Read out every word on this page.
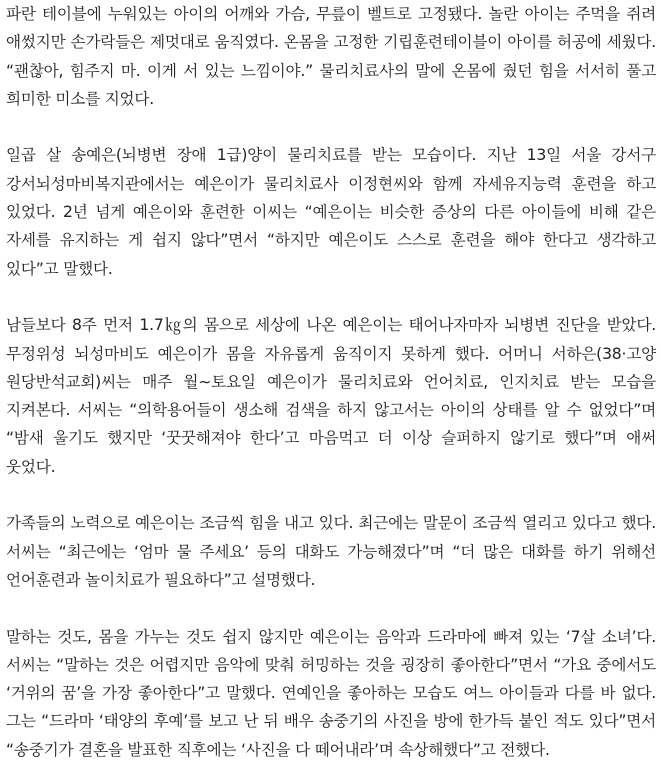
파란 테이블에 누워있는 아이의 어깨와 가슴, 무릎이 벨트로 고정됐다. 놀란 아이는 주먹을 쥐려 애썼지만 손가락들은 제멋대로 움직였다. 온몸을 고정한 기립훈련테이블이 아이를 허공에 세웠다. “괜찮아, 힘주지 마. 이게 서 있는 느낌이야.” 물리치료사의 말에 온몸에 줬던 힘을 서서히 풀고 희미한 미소를 지었다.

일곱 살 송예은(뇌병변 장애 1급)양이 물리치료를 받는 모습이다. 지난 13일 서울 강서구 강서뇌성마비복지관에서는 예은이가 물리치료사 이정현씨와 함께 자세유지능력 훈련을 하고 있었다. 2년 넘게 예은이와 훈련한 이씨는 “예은이는 비슷한 증상의 다른 아이들에 비해 같은 자세를 유지하는 게 쉽지 않다”면서 “하지만 예은이도 스스로 훈련을 해야 한다고 생각하고 있다”고 말했다.

남들보다 8주 먼저 1.7㎏의 몸으로 세상에 나온 예은이는 태어나자마자 뇌병변 진단을 받았다. 무정위성 뇌성마비도 예은이가 몸을 자유롭게 움직이지 못하게 했다. 어머니 서하은(38·고양 원당반석교회)씨는 매주 월∼토요일 예은이가 물리치료와 언어치료, 인지치료 받는 모습을 지켜본다. 서씨는 “의학용어들이 생소해 검색을 하지 않고서는 아이의 상태를 알 수 없었다”며 “밤새 울기도 했지만 ‘꿋꿋해져야 한다’고 마음먹고 더 이상 슬퍼하지 않기로 했다”며 애써 웃었다.

가족들의 노력으로 예은이는 조금씩 힘을 내고 있다. 최근에는 말문이 조금씩 열리고 있다고 했다. 서씨는 “최근에는 ‘엄마 물 주세요’ 등의 대화도 가능해졌다”며 “더 많은 대화를 하기 위해선 언어훈련과 놀이치료가 필요하다”고 설명했다.

말하는 것도, 몸을 가누는 것도 쉽지 않지만 예은이는 음악과 드라마에 빠져 있는 ‘7살 소녀’다. 서씨는 “말하는 것은 어렵지만 음악에 맞춰 허밍하는 것을 굉장히 좋아한다”면서 “가요 중에서도 ‘거위의 꿈’을 가장 좋아한다”고 말했다. 연예인을 좋아하는 모습도 여느 아이들과 다를 바 없다. 그는 “드라마 ‘태양의 후예’를 보고 난 뒤 배우 송중기의 사진을 방에 한가득 붙인 적도 있다”면서 “송중기가 결혼을 발표한 직후에는 ‘사진을 다 떼어내라’며 속상해했다”고 전했다.
